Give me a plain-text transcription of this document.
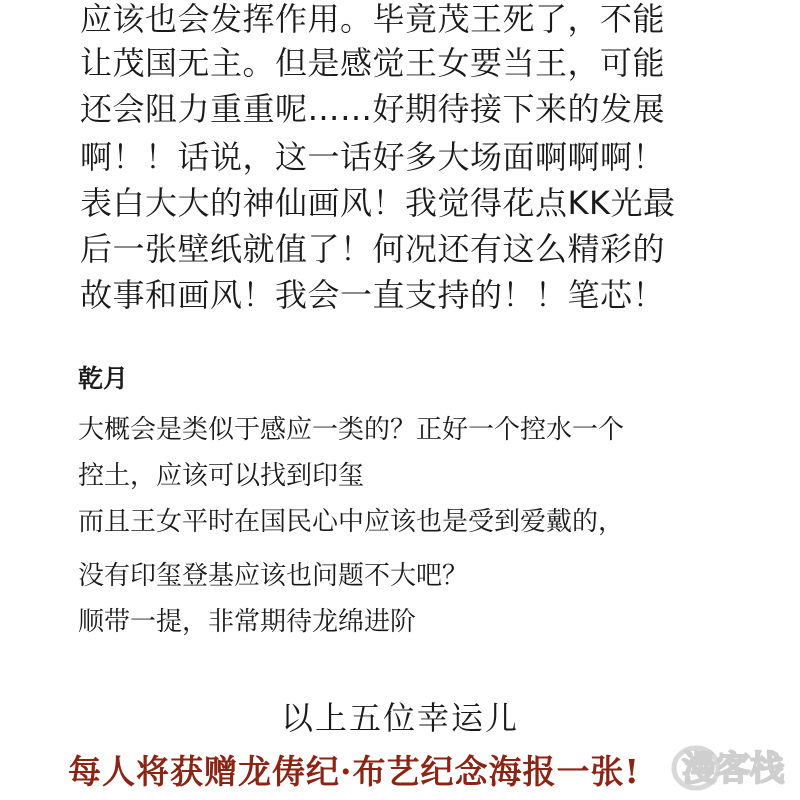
应该也会发挥作用。毕竟茂王死了，不能
让茂国无主。但是感觉王女要当王，可能
还会阻力重重呢……好期待接下来的发展
啊！！话说，这一话好多大场面啊啊啊！
表白大大的神仙画风！我觉得花点KK光最
后一张壁纸就值了！何况还有这么精彩的
故事和画风！我会一直支持的！！笔芯！
乾月
大概会是类似于感应一类的？正好一个控水一个
控土，应该可以找到印玺
而且王女平时在国民心中应该也是受到爱戴的，
没有印玺登基应该也问题不大吧？
顺带一提，非常期待龙绵进阶
以上五位幸运儿
每人将获赠龙俦纪·布艺纪念海报一张! 漫客栈
